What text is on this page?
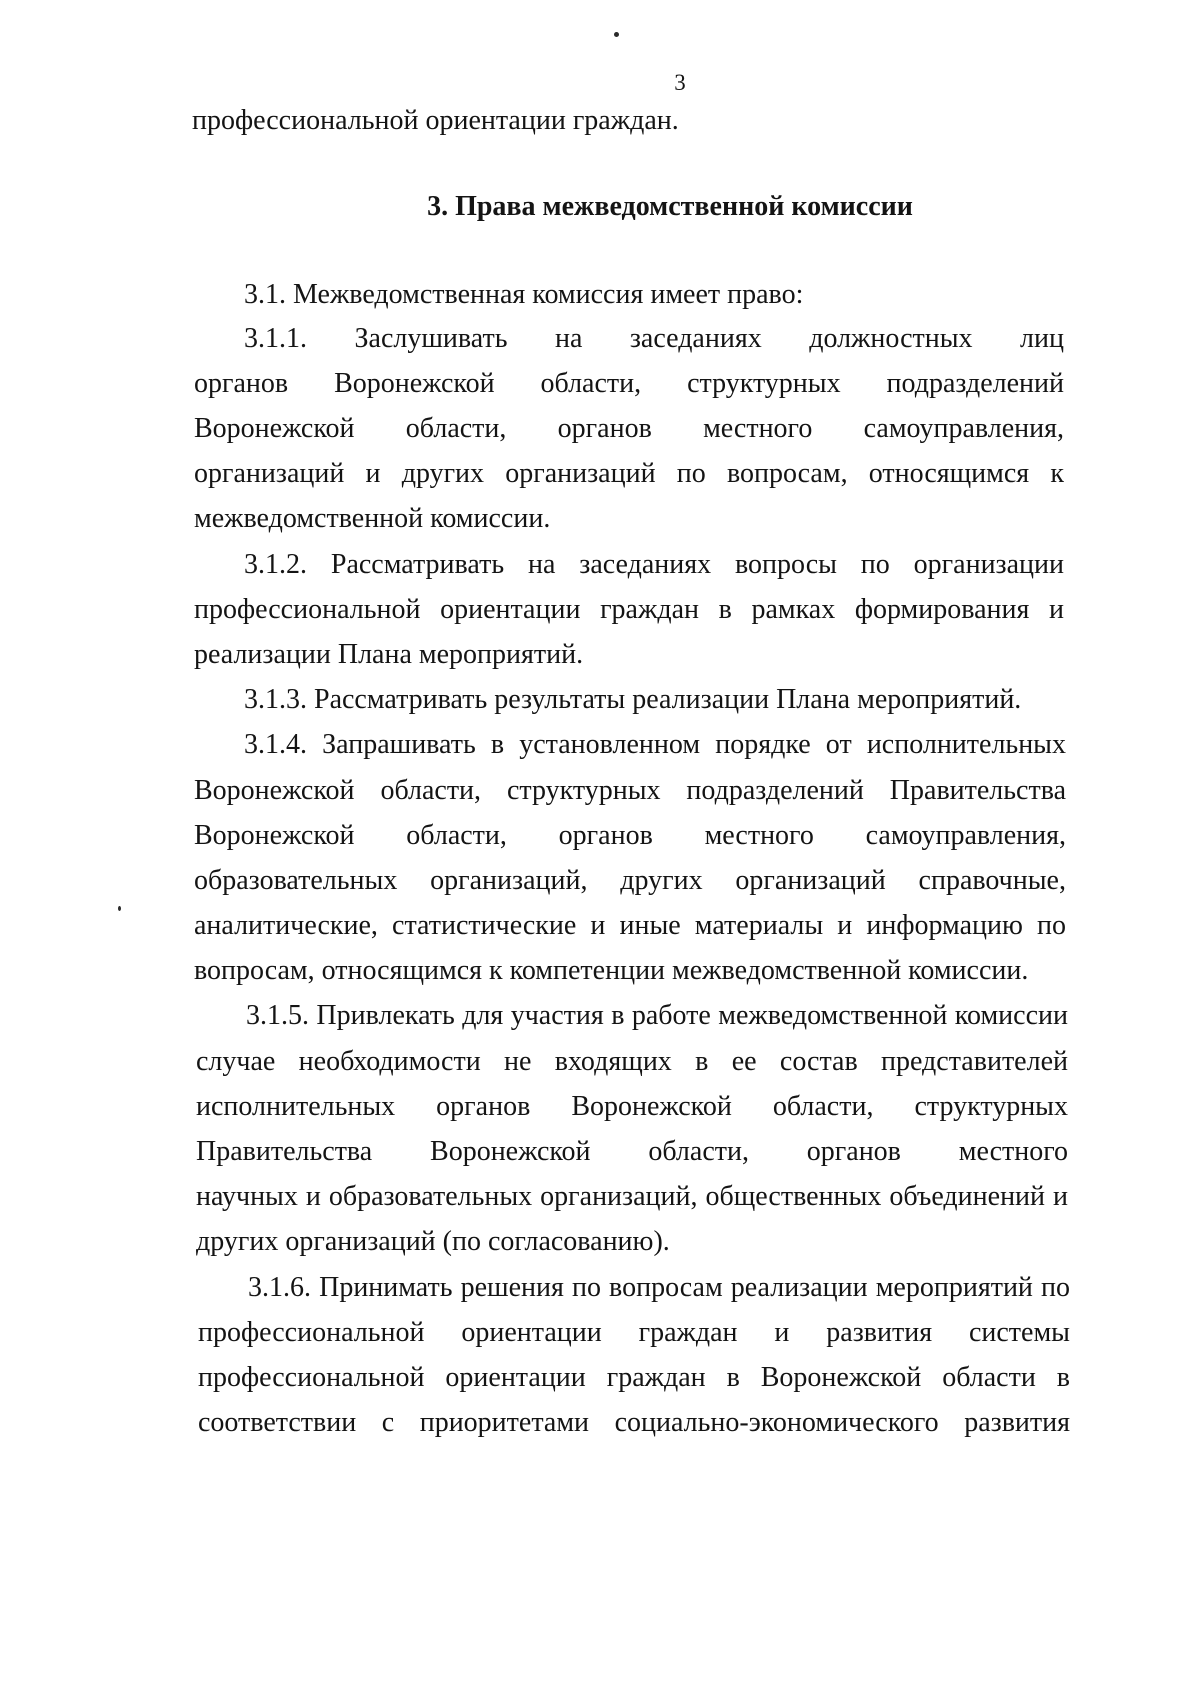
3
профессиональной ориентации граждан.
3. Права межведомственной комиссии
3.1. Межведомственная комиссия имеет право:
3.1.1. Заслушивать на заседаниях должностных лиц
органов Воронежской области, структурных подразделений
Воронежской области, органов местного самоуправления,
организаций и других организаций по вопросам, относящимся к
межведомственной комиссии.
3.1.2. Рассматривать на заседаниях вопросы по организации
профессиональной ориентации граждан в рамках формирования и
реализации Плана мероприятий.
3.1.3. Рассматривать результаты реализации Плана мероприятий.
3.1.4. Запрашивать в установленном порядке от исполнительных
Воронежской области, структурных подразделений Правительства
Воронежской области, органов местного самоуправления,
образовательных организаций, других организаций справочные,
аналитические, статистические и иные материалы и информацию по
вопросам, относящимся к компетенции межведомственной комиссии.
3.1.5. Привлекать для участия в работе межведомственной комиссии
случае необходимости не входящих в ее состав представителей
исполнительных органов Воронежской области, структурных
Правительства Воронежской области, органов местного
научных и образовательных организаций, общественных объединений и
других организаций (по согласованию).
3.1.6. Принимать решения по вопросам реализации мероприятий по
профессиональной ориентации граждан и развития системы
профессиональной ориентации граждан в Воронежской области в
соответствии с приоритетами социально-экономического развития
